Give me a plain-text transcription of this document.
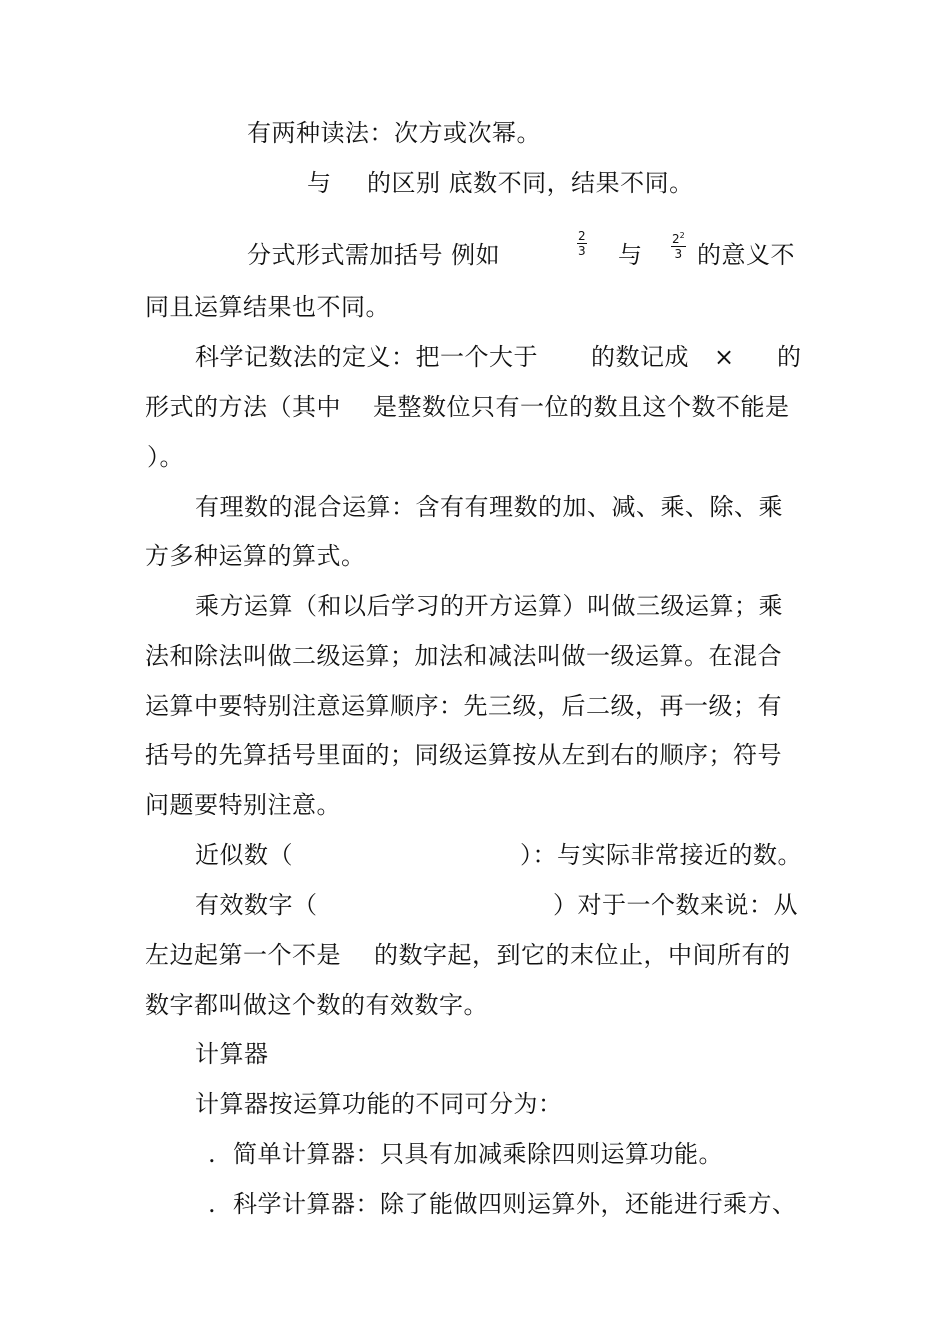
有两种读法：次方或次幂。
与 的区别 底数不同，结果不同。
分式形式需加括号 例如	$\frac{2}{3}$ 与 $\frac{2^2}{3}$ 的意义不
同且运算结果也不同。
科学记数法的定义：把一个大于 的数记成 × 的
形式的方法（其中 是整数位只有一位的数且这个数不能是
）。
有理数的混合运算：含有有理数的加、减、乘、除、乘
方多种运算的算式。
乘方运算（和以后学习的开方运算）叫做三级运算；乘
法和除法叫做二级运算；加法和减法叫做一级运算。在混合
运算中要特别注意运算顺序：先三级，后二级，再一级；有
括号的先算括号里面的；同级运算按从左到右的顺序；符号
问题要特别注意。
近似数（	）：与实际非常接近的数。
有效数字（	）对于一个数来说：从
左边起第一个不是 的数字起，到它的末位止，中间所有的
数字都叫做这个数的有效数字。
计算器
计算器按运算功能的不同可分为：
. 简单计算器：只具有加减乘除四则运算功能。
. 科学计算器：除了能做四则运算外，还能进行乘方、
